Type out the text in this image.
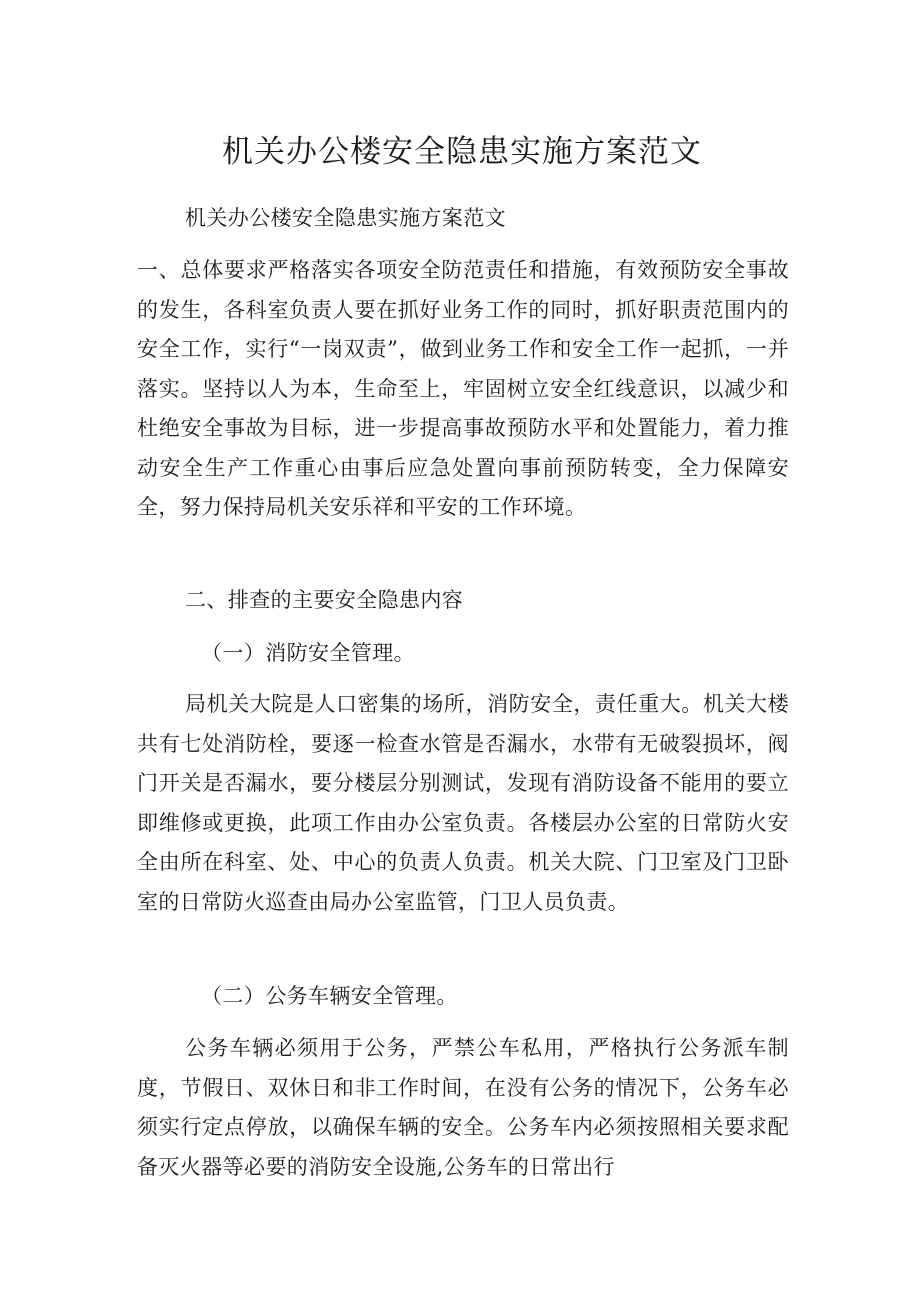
机关办公楼安全隐患实施方案范文

机关办公楼安全隐患实施方案范文

一、总体要求严格落实各项安全防范责任和措施，有效预防安全事故的发生，各科室负责人要在抓好业务工作的同时，抓好职责范围内的安全工作，实行“一岗双责”，做到业务工作和安全工作一起抓，一并落实。坚持以人为本，生命至上，牢固树立安全红线意识，以减少和杜绝安全事故为目标，进一步提高事故预防水平和处置能力，着力推动安全生产工作重心由事后应急处置向事前预防转变，全力保障安全，努力保持局机关安乐祥和平安的工作环境。

二、排查的主要安全隐患内容

（一）消防安全管理。

局机关大院是人口密集的场所，消防安全，责任重大。机关大楼共有七处消防栓，要逐一检查水管是否漏水，水带有无破裂损坏，阀门开关是否漏水，要分楼层分别测试，发现有消防设备不能用的要立即维修或更换，此项工作由办公室负责。各楼层办公室的日常防火安全由所在科室、处、中心的负责人负责。机关大院、门卫室及门卫卧室的日常防火巡查由局办公室监管，门卫人员负责。

（二）公务车辆安全管理。

公务车辆必须用于公务，严禁公车私用，严格执行公务派车制度，节假日、双休日和非工作时间，在没有公务的情况下，公务车必须实行定点停放，以确保车辆的安全。公务车内必须按照相关要求配备灭火器等必要的消防安全设施,公务车的日常出行
